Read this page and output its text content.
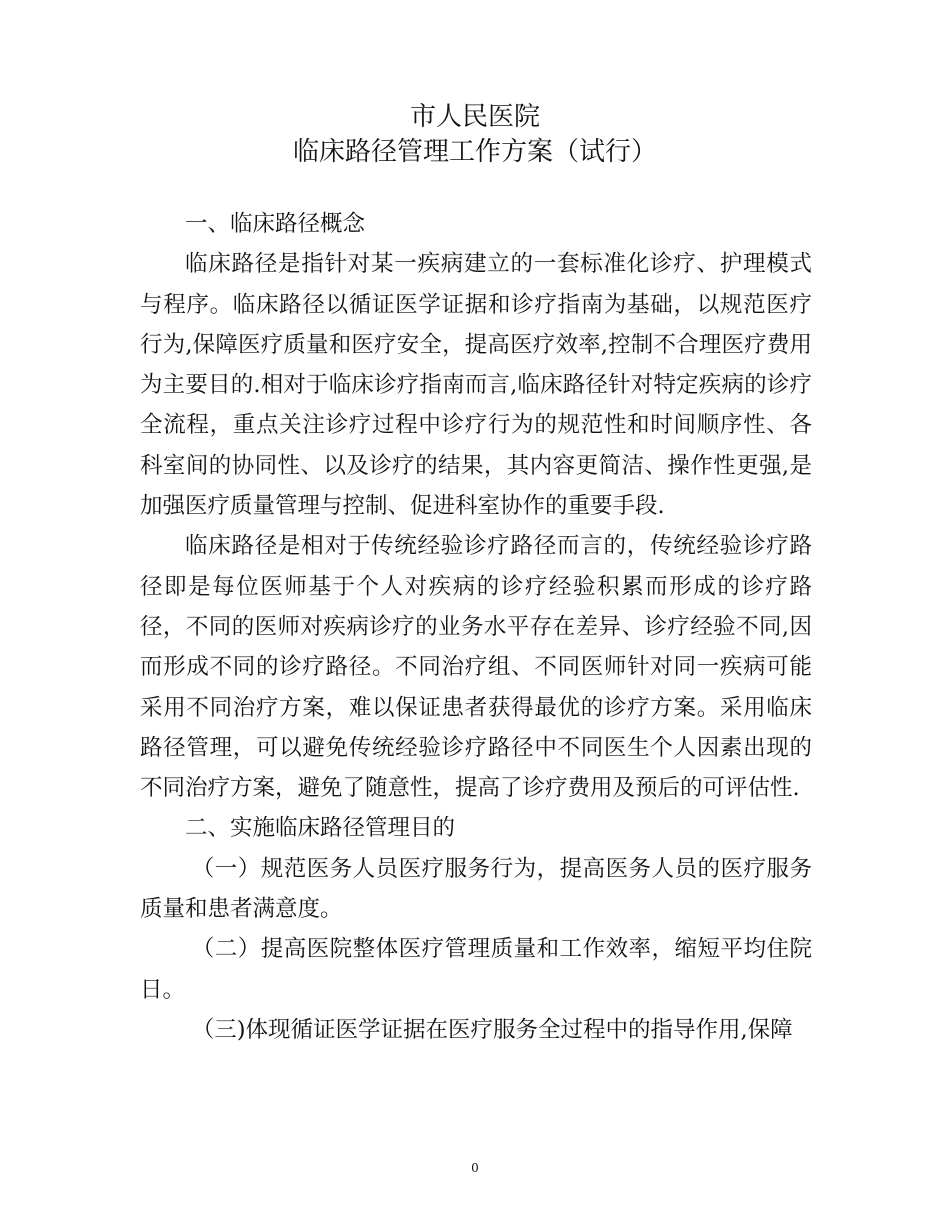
市人民医院
临床路径管理工作方案（试行）

一、临床路径概念

临床路径是指针对某一疾病建立的一套标准化诊疗、护理模式与程序。临床路径以循证医学证据和诊疗指南为基础，以规范医疗行为,保障医疗质量和医疗安全，提高医疗效率,控制不合理医疗费用为主要目的.相对于临床诊疗指南而言,临床路径针对特定疾病的诊疗全流程，重点关注诊疗过程中诊疗行为的规范性和时间顺序性、各科室间的协同性、以及诊疗的结果，其内容更简洁、操作性更强,是加强医疗质量管理与控制、促进科室协作的重要手段.

临床路径是相对于传统经验诊疗路径而言的，传统经验诊疗路径即是每位医师基于个人对疾病的诊疗经验积累而形成的诊疗路径，不同的医师对疾病诊疗的业务水平存在差异、诊疗经验不同,因而形成不同的诊疗路径。不同治疗组、不同医师针对同一疾病可能采用不同治疗方案，难以保证患者获得最优的诊疗方案。采用临床路径管理，可以避免传统经验诊疗路径中不同医生个人因素出现的不同治疗方案，避免了随意性，提高了诊疗费用及预后的可评估性.

二、实施临床路径管理目的

（一）规范医务人员医疗服务行为，提高医务人员的医疗服务质量和患者满意度。

（二）提高医院整体医疗管理质量和工作效率，缩短平均住院日。

（三)体现循证医学证据在医疗服务全过程中的指导作用,保障

0
